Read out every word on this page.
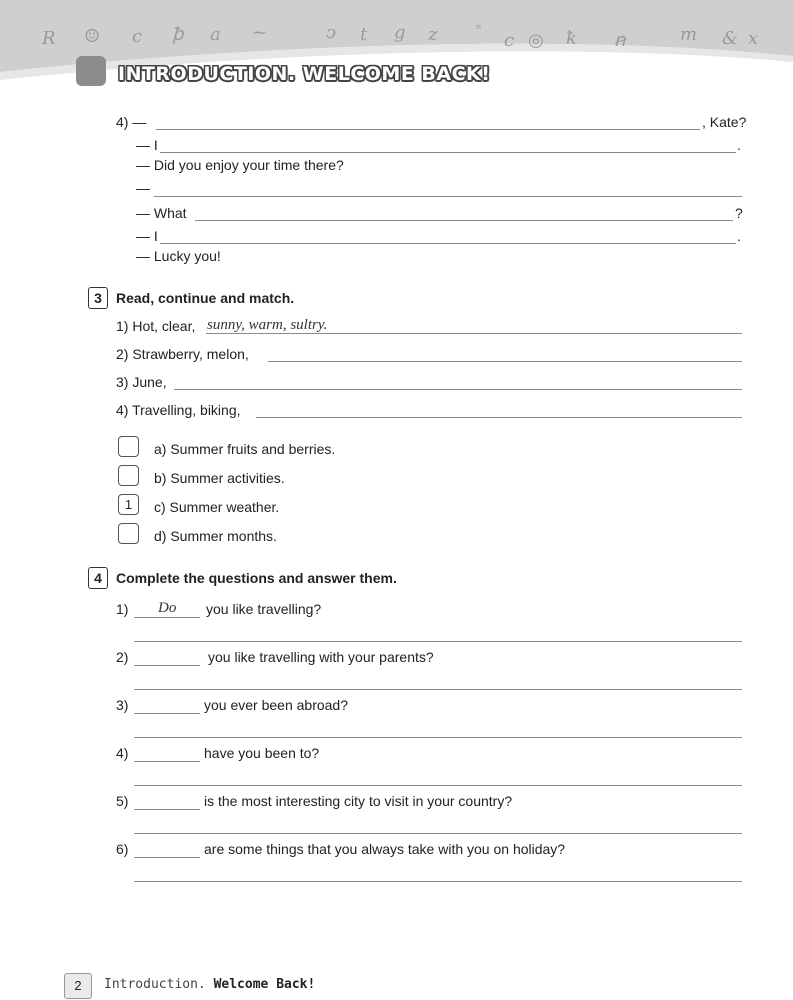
R ☺ c ꝥ a ~	ↄ t g z	ⁿ
c ◎ ꝁ ꞥ	m & x
INTRODUCTION. WELCOME BACK!
4) —	, Kate?
— I	.
— Did you enjoy your time there?
—
— What	?
— I	.
— Lucky you!
3	Read, continue and match.
1) Hot, clear, sunny, warm, sultry.
2) Strawberry, melon,
3) June,
4) Travelling, biking,
a) Summer fruits and berries.
b) Summer activities.
1	c) Summer weather.
d) Summer months.
4	Complete the questions and answer them.
1) Do you like travelling?
2)	you like travelling with your parents?
3)	you ever been abroad?
4)	have you been to?
5)	is the most interesting city to visit in your country?
6)	are some things that you always take with you on holiday?
2	Introduction. Welcome Back!
